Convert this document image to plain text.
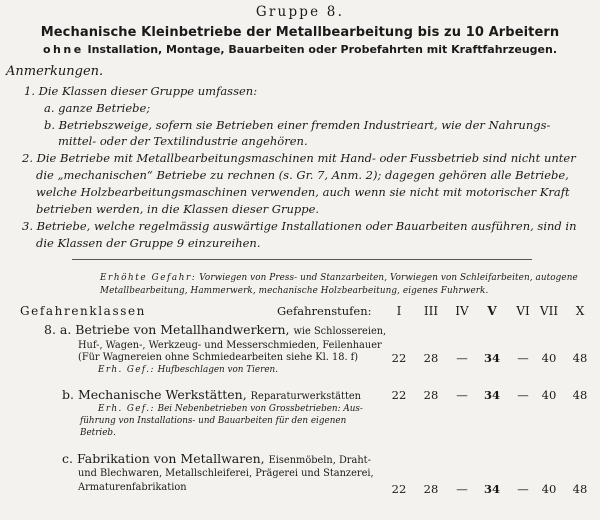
Gruppe 8.
Mechanische Kleinbetriebe der Metallbearbeitung bis zu 10 Arbeitern
ohne Installation, Montage, Bauarbeiten oder Probefahrten mit Kraftfahrzeugen.
Anmerkungen.
1. Die Klassen dieser Gruppe umfassen:
a. ganze Betriebe;
b. Betriebszweige, sofern sie Betrieben einer fremden Industrieart, wie der Nahrungs-
mittel- oder der Textilindustrie angehören.
2. Die Betriebe mit Metallbearbeitungsmaschinen mit Hand- oder Fussbetrieb sind nicht unter
die „mechanischen“ Betriebe zu rechnen (s. Gr. 7, Anm. 2); dagegen gehören alle Betriebe,
welche Holzbearbeitungsmaschinen verwenden, auch wenn sie nicht mit motorischer Kraft
betrieben werden, in die Klassen dieser Gruppe.
3. Betriebe, welche regelmässig auswärtige Installationen oder Bauarbeiten ausführen, sind in
die Klassen der Gruppe 9 einzureihen.
Erhöhte Gefahr: Vorwiegen von Press- und Stanzarbeiten, Vorwiegen von Schleifarbeiten, autogene
Metallbearbeitung, Hammerwerk, mechanische Holzbearbeitung, eigenes Fuhrwerk.
Gefahrenklassen	Gefahrenstufen:	I	III	IV	V	VI VII	X
8. a. Betriebe von Metallhandwerkern, wie Schlossereien,
Huf-, Wagen-, Werkzeug- und Messerschmieden, Feilenhauer
(Für Wagnereien ohne Schmiedearbeiten siehe Kl. 18. f)
Erh. Gef.: Hufbeschlagen von Tieren.
22	28	—	34	—	40	48
b. Mechanische Werkstätten, Reparaturwerkstätten
Erh. Gef.: Bei Nebenbetrieben von Grossbetrieben: Aus-
führung von Installations- und Bauarbeiten für den eigenen
Betrieb.
22	28	—	34	—	40	48
c. Fabrikation von Metallwaren, Eisenmöbeln, Draht-
und Blechwaren, Metallschleiferei, Prägerei und Stanzerei,
Armaturenfabrikation	22	28	—	34	—	40	48
